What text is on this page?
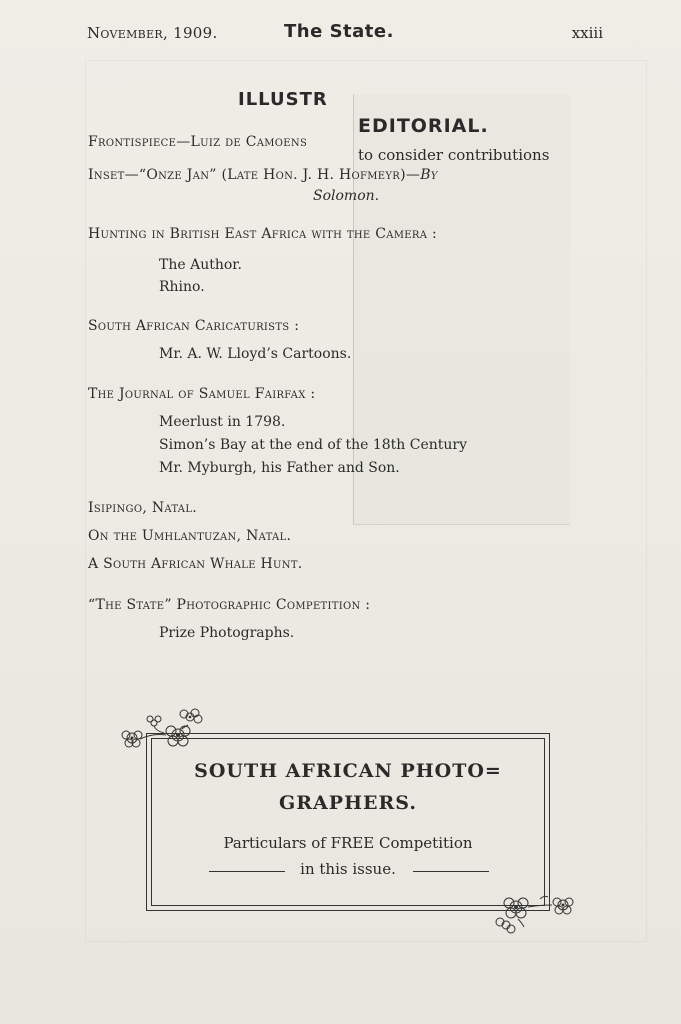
November, 1909.	The State.	xxiii
ILLUSTR
EDITORIAL.
to consider contributions
Frontispiece—Luiz de Camoens
Inset—“Onze Jan” (Late Hon. J. H. Hofmeyr)—By
Solomon.
Hunting in British East Africa with the Camera :
The Author.
Rhino.
South African Caricaturists :
Mr. A. W. Lloyd’s Cartoons.
The Journal of Samuel Fairfax :
Meerlust in 1798.
Simon’s Bay at the end of the 18th Century
Mr. Myburgh, his Father and Son.
Isipingo, Natal.
On the Umhlantuzan, Natal.
A South African Whale Hunt.
“The State” Photographic Competition :
Prize Photographs.
SOUTH AFRICAN PHOTO=
GRAPHERS.
Particulars of FREE Competition
in this issue.
